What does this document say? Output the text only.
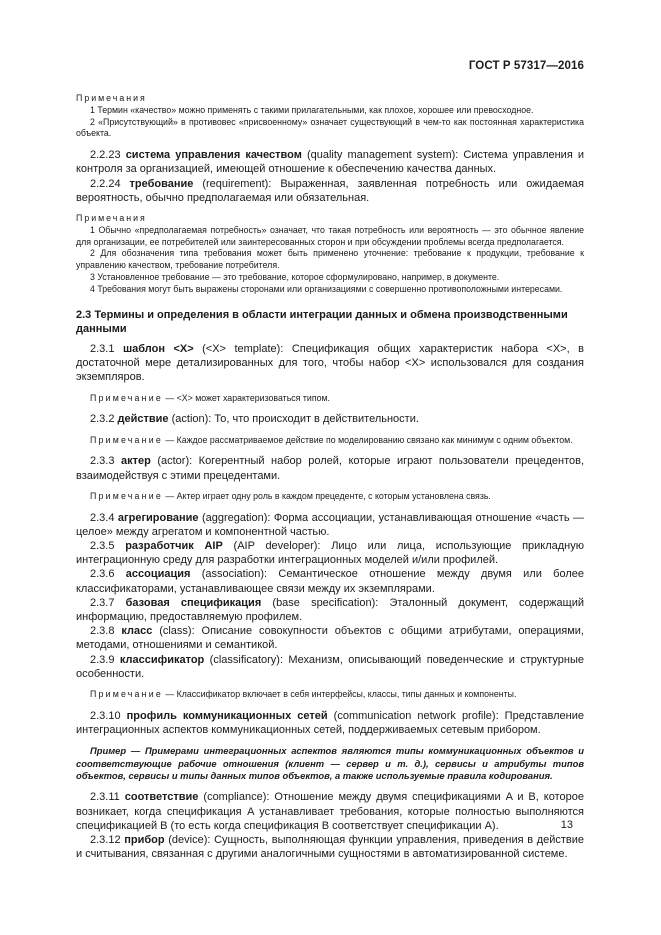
ГОСТ Р 57317—2016

Примечания

1 Термин «качество» можно применять с такими прилагательными, как плохое, хорошее или превосходное.

2 «Присутствующий» в противовес «присвоенному» означает существующий в чем-то как постоянная характеристика объекта.

2.2.23 система управления качеством (quality management system): Система управления и контроля за организацией, имеющей отношение к обеспечению качества данных.

2.2.24 требование (requirement): Выраженная, заявленная потребность или ожидаемая вероятность, обычно предполагаемая или обязательная.

Примечания

1 Обычно «предполагаемая потребность» означает, что такая потребность или вероятность — это обычное явление для организации, ее потребителей или заинтересованных сторон и при обсуждении проблемы всегда предполагается.

2 Для обозначения типа требования может быть применено уточнение: требование к продукции, требование к управлению качеством, требование потребителя.

3 Установленное требование — это требование, которое сформулировано, например, в документе.

4 Требования могут быть выражены сторонами или организациями с совершенно противоположными интересами.

2.3 Термины и определения в области интеграции данных и обмена производственными данными

2.3.1 шаблон <X> (<X> template): Спецификация общих характеристик набора <X>, в достаточной мере детализированных для того, чтобы набор <X> использовался для создания экземпляров.

Примечание — <X> может характеризоваться типом.

2.3.2 действие (action): То, что происходит в действительности.

Примечание — Каждое рассматриваемое действие по моделированию связано как минимум с одним объектом.

2.3.3 актер (actor): Когерентный набор ролей, которые играют пользователи прецедентов, взаимодействуя с этими прецедентами.

Примечание — Актер играет одну роль в каждом прецеденте, с которым установлена связь.

2.3.4 агрегирование (aggregation): Форма ассоциации, устанавливающая отношение «часть — целое» между агрегатом и компонентной частью.

2.3.5 разработчик AIP (AIP developer): Лицо или лица, использующие прикладную интеграционную среду для разработки интеграционных моделей и/или профилей.

2.3.6 ассоциация (association): Семантическое отношение между двумя или более классификаторами, устанавливающее связи между их экземплярами.

2.3.7 базовая спецификация (base specification): Эталонный документ, содержащий информацию, предоставляемую профилем.

2.3.8 класс (class): Описание совокупности объектов с общими атрибутами, операциями, методами, отношениями и семантикой.

2.3.9 классификатор (classificatory): Механизм, описывающий поведенческие и структурные особенности.

Примечание — Классификатор включает в себя интерфейсы, классы, типы данных и компоненты.

2.3.10 профиль коммуникационных сетей (communication network profile): Представление интеграционных аспектов коммуникационных сетей, поддерживаемых сетевым прибором.

Пример — Примерами интеграционных аспектов являются типы коммуникационных объектов и соответствующие рабочие отношения (клиент — сервер и т. д.), сервисы и атрибуты типов объектов, сервисы и типы данных типов объектов, а также используемые правила кодирования.

2.3.11 соответствие (compliance): Отношение между двумя спецификациями A и B, которое возникает, когда спецификация A устанавливает требования, которые полностью выполняются спецификацией B (то есть когда спецификация B соответствует спецификации A).

2.3.12 прибор (device): Сущность, выполняющая функции управления, приведения в действие и считывания, связанная с другими аналогичными сущностями в автоматизированной системе.

13
